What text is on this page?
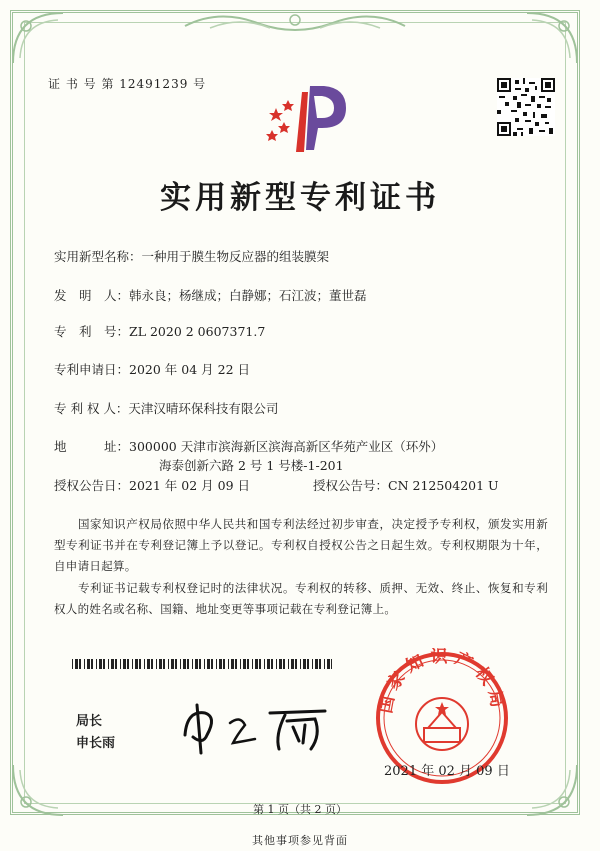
证 书 号 第 12491239 号
实用新型专利证书
实用新型名称：一种用于膜生物反应器的组装膜架
发　明　人：韩永良；杨继成；白静娜；石江波；董世磊
专　利　号：ZL 2020 2 0607371.7
专利申请日：2020 年 04 月 22 日
专 利 权 人：天津汉晴环保科技有限公司
地　　　址：300000 天津市滨海新区滨海高新区华苑产业区（环外）
海泰创新六路 2 号 1 号楼-1-201
授权公告日：2021 年 02 月 09 日	授权公告号：CN 212504201 U
国家知识产权局依照中华人民共和国专利法经过初步审查，决定授予专利权，颁发实用新型专利证书并在专利登记簿上予以登记。专利权自授权公告之日起生效。专利权期限为十年，自申请日起算。
专利证书记载专利权登记时的法律状况。专利权的转移、质押、无效、终止、恢复和专利权人的姓名或名称、国籍、地址变更等事项记载在专利登记簿上。
局长
申长雨
国家知识产权局
2021 年 02 月 09 日
第 1 页（共 2 页）
其他事项参见背面
